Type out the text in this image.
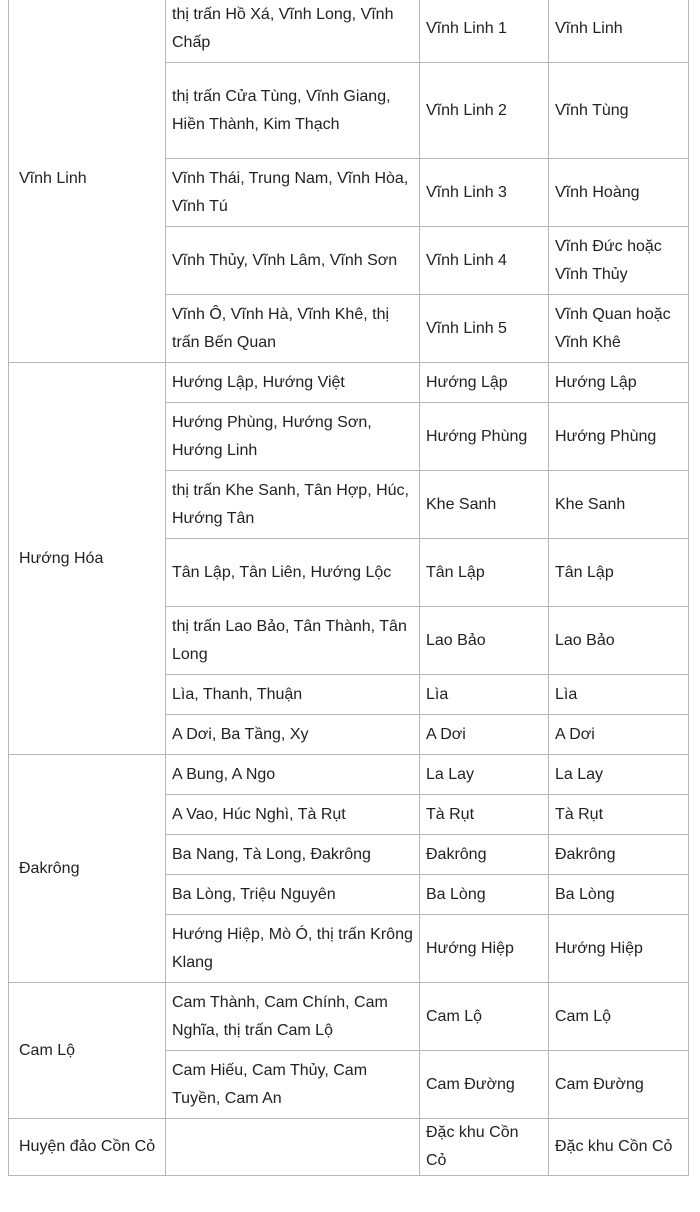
Vĩnh Linh	thị trấn Hồ Xá, Vĩnh Long, Vĩnh Chấp	Vĩnh Linh 1	Vĩnh Linh
	thị trấn Cửa Tùng, Vĩnh Giang, Hiền Thành, Kim Thạch	Vĩnh Linh 2	Vĩnh Tùng
	Vĩnh Thái, Trung Nam, Vĩnh Hòa, Vĩnh Tú	Vĩnh Linh 3	Vĩnh Hoàng
	Vĩnh Thủy, Vĩnh Lâm, Vĩnh Sơn	Vĩnh Linh 4	Vĩnh Đức hoặc Vĩnh Thủy
	Vĩnh Ô, Vĩnh Hà, Vĩnh Khê, thị trấn Bến Quan	Vĩnh Linh 5	Vĩnh Quan hoặc Vĩnh Khê
Hướng Hóa	Hướng Lập, Hướng Việt	Hướng Lập	Hướng Lập
	Hướng Phùng, Hướng Sơn, Hướng Linh	Hướng Phùng	Hướng Phùng
	thị trấn Khe Sanh, Tân Hợp, Húc, Hướng Tân	Khe Sanh	Khe Sanh
	Tân Lập, Tân Liên, Hướng Lộc	Tân Lập	Tân Lập
	thị trấn Lao Bảo, Tân Thành, Tân Long	Lao Bảo	Lao Bảo
	Lìa, Thanh, Thuận	Lìa	Lìa
	A Dơi, Ba Tầng, Xy	A Dơi	A Dơi
Đakrông	A Bung, A Ngo	La Lay	La Lay
	A Vao, Húc Nghì, Tà Rụt	Tà Rụt	Tà Rụt
	Ba Nang, Tà Long, Đakrông	Đakrông	Đakrông
	Ba Lòng, Triệu Nguyên	Ba Lòng	Ba Lòng
	Hướng Hiệp, Mò Ó, thị trấn Krông Klang	Hướng Hiệp	Hướng Hiệp
Cam Lộ	Cam Thành, Cam Chính, Cam Nghĩa, thị trấn Cam Lộ	Cam Lộ	Cam Lộ
	Cam Hiếu, Cam Thủy, Cam Tuyền, Cam An	Cam Đường	Cam Đường
Huyện đảo Cồn Cỏ		Đặc khu Cồn Cỏ	Đặc khu Cồn Cỏ
